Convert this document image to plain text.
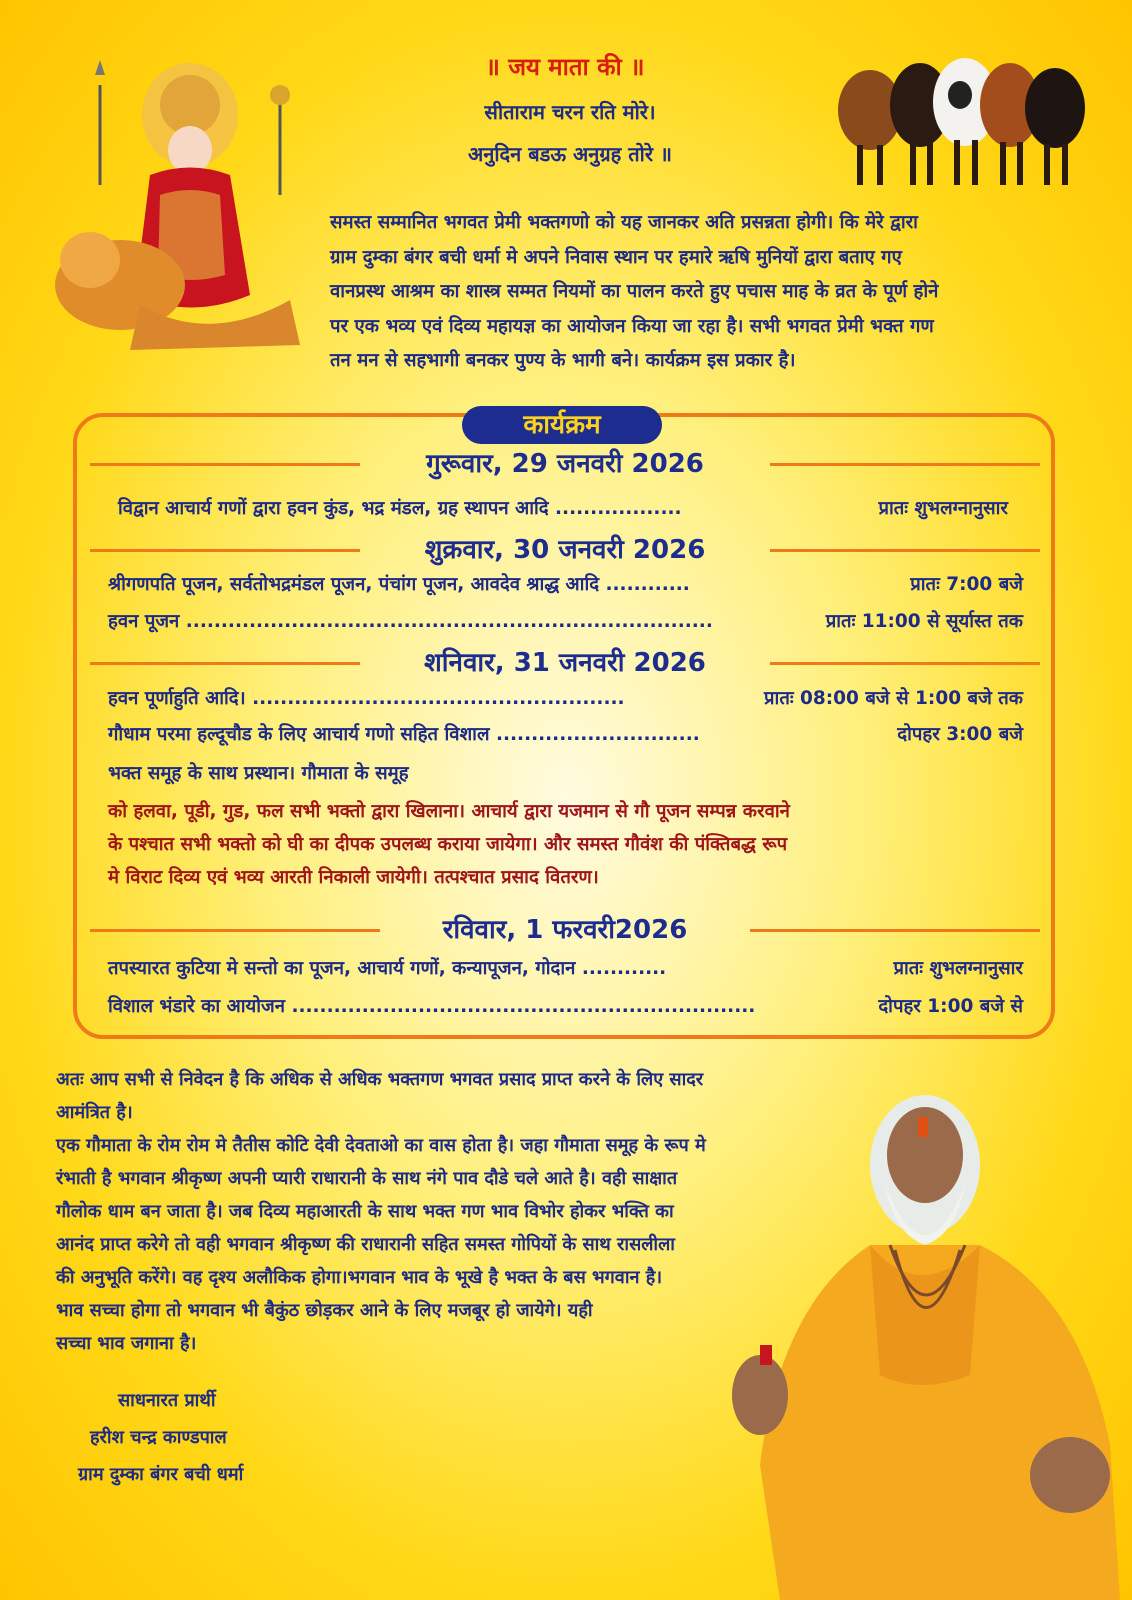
॥ जय माता की ॥
सीताराम चरन रति मोरे।
अनुदिन बडऊ अनुग्रह तोरे ॥
समस्त सम्मानित भगवत प्रेमी भक्तगणो को यह जानकर अति प्रसन्नता होगी। कि मेरे द्वारा
ग्राम दुम्का बंगर बची धर्मा मे अपने निवास स्थान पर हमारे ऋषि मुनियों द्वारा बताए गए
वानप्रस्थ आश्रम का शास्त्र सम्मत नियमों का पालन करते हुए पचास माह के व्रत के पूर्ण होने
पर एक भव्य एवं दिव्य महायज्ञ का आयोजन किया जा रहा है। सभी भगवत प्रेमी भक्त गण
तन मन से सहभागी बनकर पुण्य के भागी बने। कार्यक्रम इस प्रकार है।
कार्यक्रम
गुरूवार, 29 जनवरी 2026
विद्वान आचार्य गणों द्वारा हवन कुंड, भद्र मंडल, ग्रह स्थापन आदि ..................	प्रातः शुभलग्नानुसार
शुक्रवार, 30 जनवरी 2026
श्रीगणपति पूजन, सर्वतोभद्रमंडल पूजन, पंचांग पूजन, आवदेव श्राद्ध आदि ............	प्रातः 7:00 बजे
हवन पूजन ...........................................................................	प्रातः 11:00 से सूर्यास्त तक
शनिवार, 31 जनवरी 2026
हवन पूर्णाहुति आदि। .....................................................	प्रातः 08:00 बजे से 1:00 बजे तक
गौधाम परमा हल्दूचौड के लिए आचार्य गणो सहित विशाल .............................	दोपहर 3:00 बजे
भक्त समूह के साथ प्रस्थान। गौमाता के समूह
को हलवा, पूडी, गुड, फल सभी भक्तो द्वारा खिलाना। आचार्य द्वारा यजमान से गौ पूजन सम्पन्न करवाने
के पश्चात सभी भक्तो को घी का दीपक उपलब्ध कराया जायेगा। और समस्त गौवंश की पंक्तिबद्ध रूप
मे विराट दिव्य एवं भव्य आरती निकाली जायेगी। तत्पश्चात प्रसाद वितरण।
रविवार, 1 फरवरी2026
तपस्यारत कुटिया मे सन्तो का पूजन, आचार्य गणों, कन्यापूजन, गोदान ............	प्रातः शुभलग्नानुसार
विशाल भंडारे का आयोजन ..................................................................	दोपहर 1:00 बजे से
अतः आप सभी से निवेदन है कि अधिक से अधिक भक्तगण भगवत प्रसाद प्राप्त करने के लिए सादर
आमंत्रित है।
एक गौमाता के रोम रोम मे तैतीस कोटि देवी देवताओ का वास होता है। जहा गौमाता समूह के रूप मे
रंभाती है भगवान श्रीकृष्ण अपनी प्यारी राधारानी के साथ नंगे पाव दौडे चले आते है। वही साक्षात
गौलोक धाम बन जाता है। जब दिव्य महाआरती के साथ भक्त गण भाव विभोर होकर भक्ति का
आनंद प्राप्त करेगे तो वही भगवान श्रीकृष्ण की राधारानी सहित समस्त गोपियों के साथ रासलीला
की अनुभूति करेंगे। वह दृश्य अलौकिक होगा।भगवान भाव के भूखे है भक्त के बस भगवान है।
भाव सच्चा होगा तो भगवान भी बैकुंठ छोड़कर आने के लिए मजबूर हो जायेगे। यही
सच्चा भाव जगाना है।
साधनारत प्रार्थी
हरीश चन्द्र काण्डपाल
ग्राम दुम्का बंगर बची धर्मा
